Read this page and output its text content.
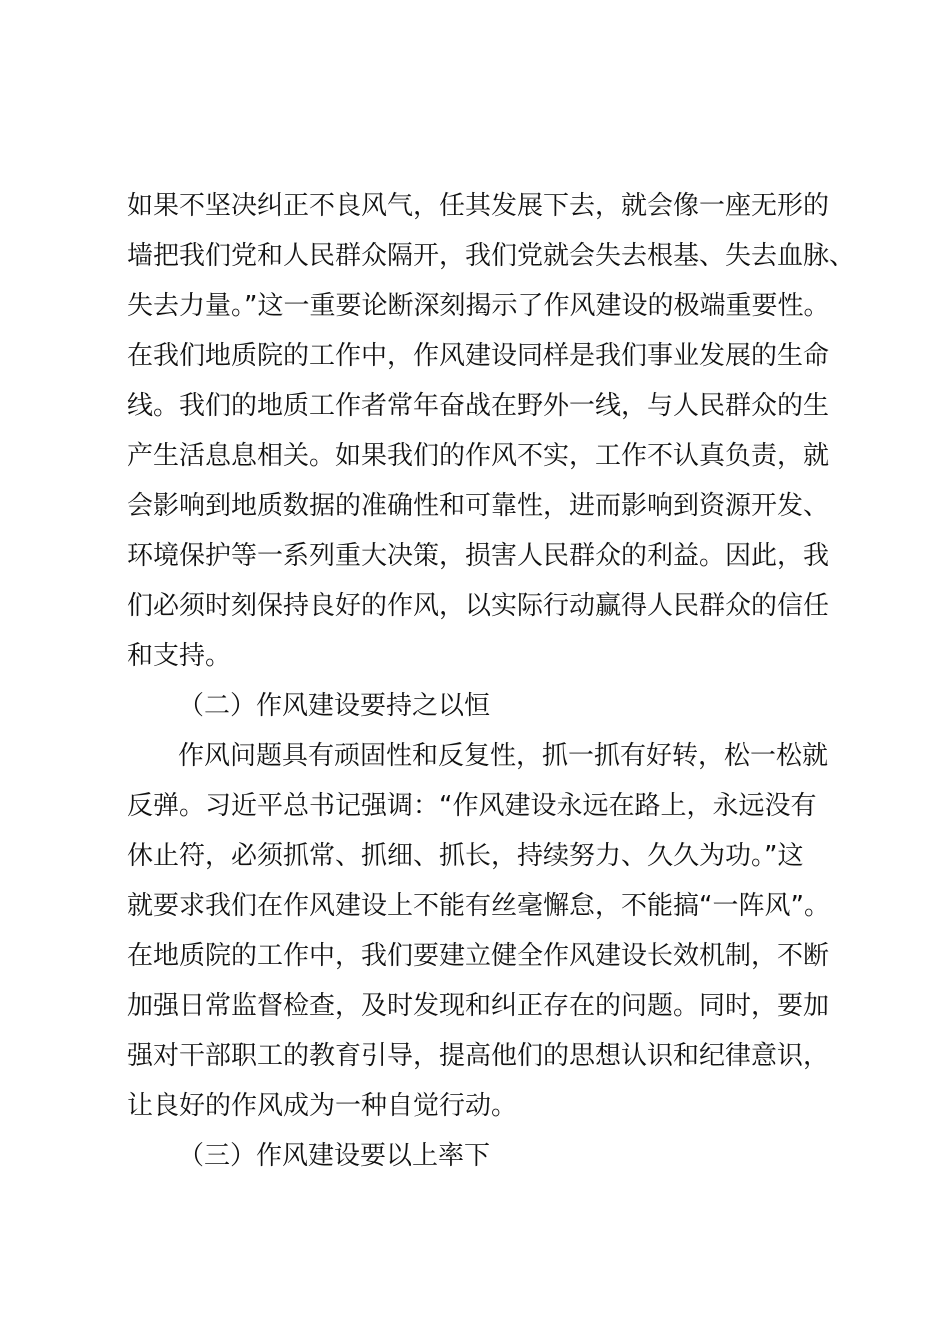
如果不坚决纠正不良风气，任其发展下去，就会像一座无形的
墙把我们党和人民群众隔开，我们党就会失去根基、失去血脉、
失去力量。”这一重要论断深刻揭示了作风建设的极端重要性。
在我们地质院的工作中，作风建设同样是我们事业发展的生命
线。我们的地质工作者常年奋战在野外一线，与人民群众的生
产生活息息相关。如果我们的作风不实，工作不认真负责，就
会影响到地质数据的准确性和可靠性，进而影响到资源开发、
环境保护等一系列重大决策，损害人民群众的利益。因此，我
们必须时刻保持良好的作风，以实际行动赢得人民群众的信任
和支持。
（二）作风建设要持之以恒
作风问题具有顽固性和反复性，抓一抓有好转，松一松就
反弹。习近平总书记强调：“作风建设永远在路上，永远没有
休止符，必须抓常、抓细、抓长，持续努力、久久为功。”这
就要求我们在作风建设上不能有丝毫懈怠，不能搞“一阵风”。
在地质院的工作中，我们要建立健全作风建设长效机制，不断
加强日常监督检查，及时发现和纠正存在的问题。同时，要加
强对干部职工的教育引导，提高他们的思想认识和纪律意识，
让良好的作风成为一种自觉行动。
（三）作风建设要以上率下
